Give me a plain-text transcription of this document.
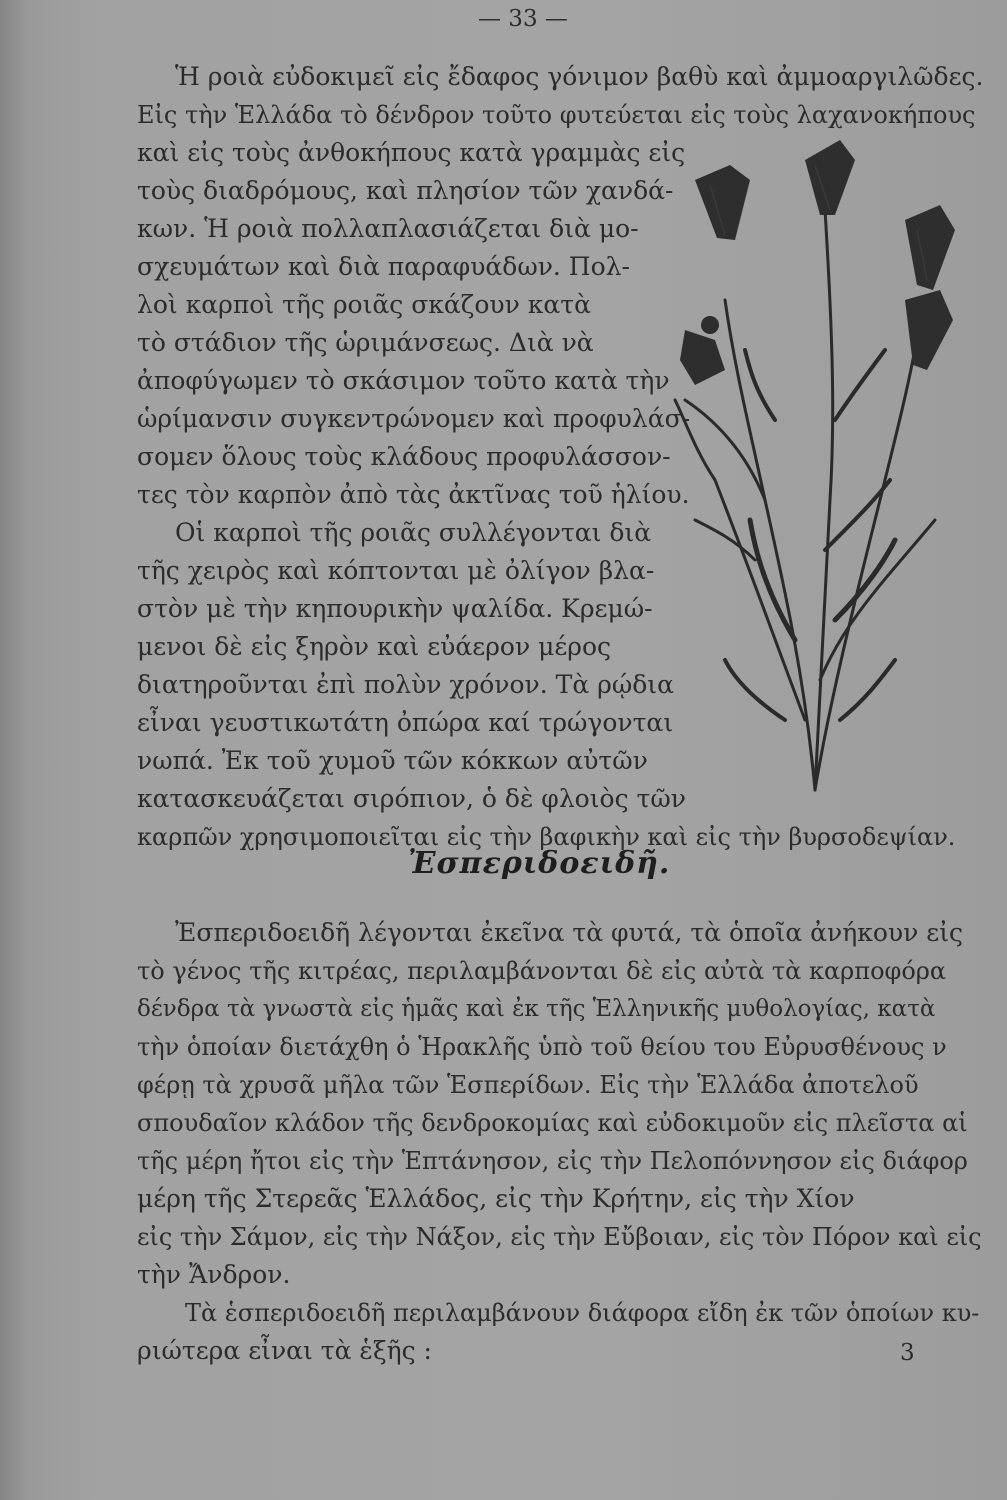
— 33 —
Ἡ ροιὰ εὐδοκιμεῖ εἰς ἔδαφος γόνιμον βαθὺ καὶ ἀμμοαργιλῶδες.
Εἰς τὴν Ἑλλάδα τὸ δένδρον τοῦτο φυτεύεται εἰς τοὺς λαχανοκήπους
καὶ εἰς τοὺς ἀνθοκήπους κατὰ γραμμὰς εἰς
τοὺς διαδρόμους, καὶ πλησίον τῶν χανδά-
κων. Ἡ ροιὰ πολλαπλασιάζεται διὰ μο-
σχευμάτων καὶ διὰ παραφυάδων. Πολ-
λοὶ καρποὶ τῆς ροιᾶς σκάζουν κατὰ
τὸ στάδιον τῆς ὡριμάνσεως. Διὰ νὰ
ἀποφύγωμεν τὸ σκάσιμον τοῦτο κατὰ τὴν
ὡρίμανσιν συγκεντρώνομεν καὶ προφυλάσ-
σομεν ὅλους τοὺς κλάδους προφυλάσσον-
τες τὸν καρπὸν ἀπὸ τὰς ἀκτῖνας τοῦ ἡλίου.
Οἱ καρποὶ τῆς ροιᾶς συλλέγονται διὰ
τῆς χειρὸς καὶ κόπτονται μὲ ὀλίγον βλα-
στὸν μὲ τὴν κηπουρικὴν ψαλίδα. Κρεμώ-
μενοι δὲ εἰς ξηρὸν καὶ εὐάερον μέρος
διατηροῦνται ἐπὶ πολὺν χρόνον. Τὰ ρῴδια
εἶναι γευστικωτάτη ὀπώρα καί τρώγονται
νωπά. Ἐκ τοῦ χυμοῦ τῶν κόκκων αὐτῶν
κατασκευάζεται σιρόπιον, ὁ δὲ φλοιὸς τῶν
καρπῶν χρησιμοποιεῖται εἰς τὴν βαφικὴν καὶ εἰς τὴν βυρσοδεψίαν.
Ἐσπεριδοειδῆ.
Ἐσπεριδοειδῆ λέγονται ἐκεῖνα τὰ φυτά, τὰ ὁποῖα ἀνήκουν εἰς
τὸ γένος τῆς κιτρέας, περιλαμβάνονται δὲ εἰς αὐτὰ τὰ καρποφόρα
δένδρα τὰ γνωστὰ εἰς ἡμᾶς καὶ ἐκ τῆς Ἑλληνικῆς μυθολογίας, κατὰ
τὴν ὁποίαν διετάχθη ὁ Ἡρακλῆς ὑπὸ τοῦ θείου του Εὐρυσθένους ν
φέρῃ τὰ χρυσᾶ μῆλα τῶν Ἑσπερίδων. Εἰς τὴν Ἑλλάδα ἀποτελοῦ
σπουδαῖον κλάδον τῆς δενδροκομίας καὶ εὐδοκιμοῦν εἰς πλεῖστα αἱ
τῆς μέρη ἤτοι εἰς τὴν Ἑπτάνησον, εἰς τὴν Πελοπόννησον εἰς διάφορ
μέρη τῆς Στερεᾶς Ἑλλάδος, εἰς τὴν Κρήτην, εἰς τὴν Χίον
εἰς τὴν Σάμον, εἰς τὴν Νάξον, εἰς τὴν Εὔβοιαν, εἰς τὸν Πόρον καὶ εἰς
τὴν Ἄνδρον.
Τὰ ἑσπεριδοειδῆ περιλαμβάνουν διάφορα εἴδη ἐκ τῶν ὁποίων κυ-
ριώτερα εἶναι τὰ ἑξῆς :	3
